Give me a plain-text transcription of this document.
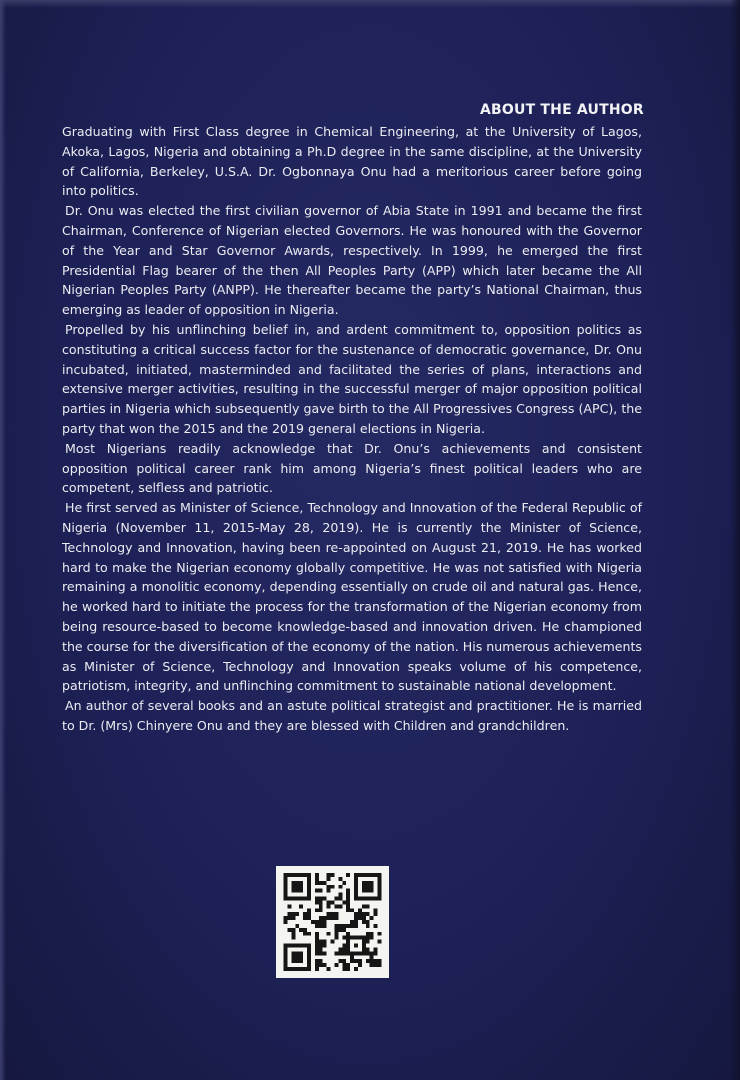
ABOUT THE AUTHOR

Graduating with First Class degree in Chemical Engineering, at the University of Lagos, Akoka, Lagos, Nigeria and obtaining a Ph.D degree in the same discipline, at the University of California, Berkeley, U.S.A. Dr. Ogbonnaya Onu had a meritorious career before going into politics.

Dr. Onu was elected the first civilian governor of Abia State in 1991 and became the first Chairman, Conference of Nigerian elected Governors. He was honoured with the Governor of the Year and Star Governor Awards, respectively. In 1999, he emerged the first Presidential Flag bearer of the then All Peoples Party (APP) which later became the All Nigerian Peoples Party (ANPP). He thereafter became the party’s National Chairman, thus emerging as leader of opposition in Nigeria.

Propelled by his unflinching belief in, and ardent commitment to, opposition politics as constituting a critical success factor for the sustenance of democratic governance, Dr. Onu incubated, initiated, masterminded and facilitated the series of plans, interactions and extensive merger activities, resulting in the successful merger of major opposition political parties in Nigeria which subsequently gave birth to the All Progressives Congress (APC), the party that won the 2015 and the 2019 general elections in Nigeria.

Most Nigerians readily acknowledge that Dr. Onu’s achievements and consistent opposition political career rank him among Nigeria’s finest political leaders who are competent, selfless and patriotic.

He first served as Minister of Science, Technology and Innovation of the Federal Republic of Nigeria (November 11, 2015-May 28, 2019). He is currently the Minister of Science, Technology and Innovation, having been re-appointed on August 21, 2019. He has worked hard to make the Nigerian economy globally competitive. He was not satisfied with Nigeria remaining a monolitic economy, depending essentially on crude oil and natural gas. Hence, he worked hard to initiate the process for the transformation of the Nigerian economy from being resource-based to become knowledge-based and innovation driven. He championed the course for the diversification of the economy of the nation. His numerous achievements as Minister of Science, Technology and Innovation speaks volume of his competence, patriotism, integrity, and unflinching commitment to sustainable national development.

An author of several books and an astute political strategist and practitioner. He is married to Dr. (Mrs) Chinyere Onu and they are blessed with Children and grandchildren.
